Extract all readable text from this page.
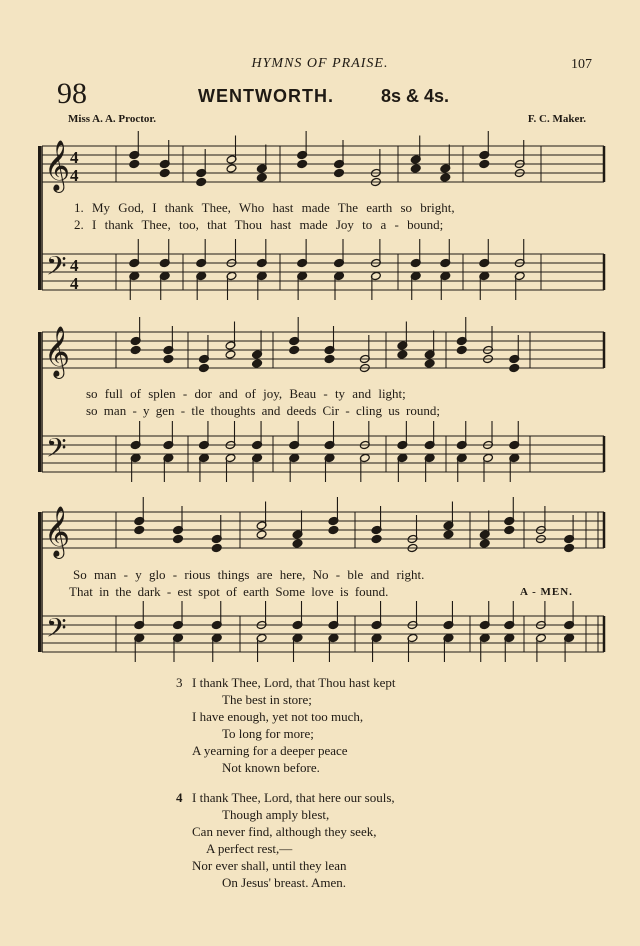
HYMNS OF PRAISE.	107
98	WENTWORTH.	8s & 4s.
Miss A. A. Proctor.	F. C. Maker.
𝄞
𝄢
4
4
4
4
𝄞
𝄢
𝄞
𝄢
1. My God, I thank Thee, Who hast made The earth so bright,
2. I thank Thee, too, that Thou hast made Joy to a - bound;
so full of splen - dor and of joy, Beau - ty and light;
so man - y gen - tle thoughts and deeds Cir - cling us round;
So man - y glo - rious things are here, No - ble and right.
That in the dark - est spot of earth Some love is found.	A - MEN.
3 I thank Thee, Lord, that Thou hast kept
The best in store;
I have enough, yet not too much,
To long for more;
A yearning for a deeper peace
Not known before.
4 I thank Thee, Lord, that here our souls,
Though amply blest,
Can never find, although they seek,
A perfect rest,—
Nor ever shall, until they lean
On Jesus' breast. Amen.
